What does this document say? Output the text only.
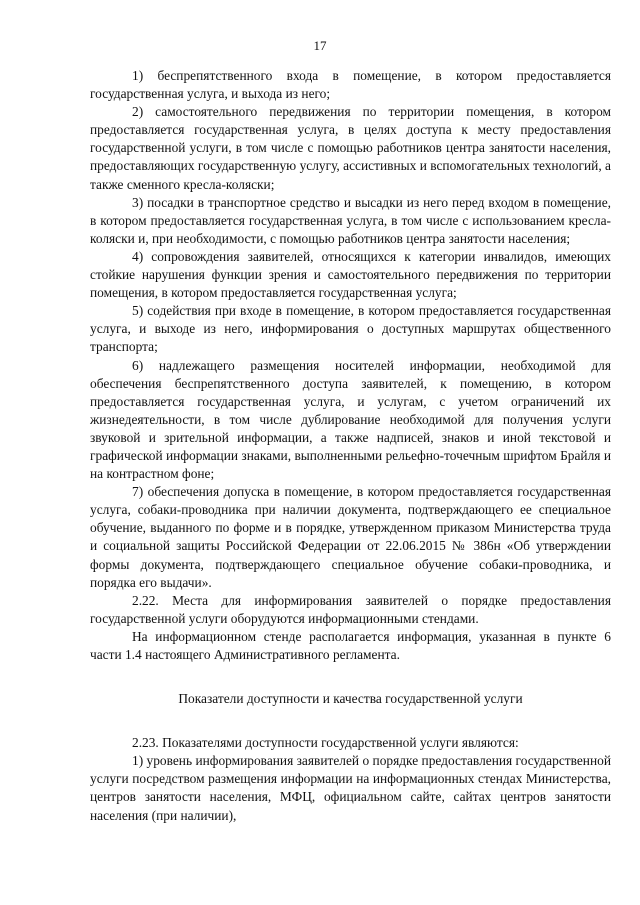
17

1) беспрепятственного входа в помещение, в котором предоставляется государственная услуга, и выхода из него;

2) самостоятельного передвижения по территории помещения, в котором предоставляется государственная услуга, в целях доступа к месту предоставления государственной услуги, в том числе с помощью работников центра занятости населения, предоставляющих государственную услугу, ассистивных и вспомогательных технологий, а также сменного кресла-коляски;

3) посадки в транспортное средство и высадки из него перед входом в помещение, в котором предоставляется государственная услуга, в том числе с использованием кресла-коляски и, при необходимости, с помощью работников центра занятости населения;

4) сопровождения заявителей, относящихся к категории инвалидов, имеющих стойкие нарушения функции зрения и самостоятельного передвижения по территории помещения, в котором предоставляется государственная услуга;

5) содействия при входе в помещение, в котором предоставляется государственная услуга, и выходе из него, информирования о доступных маршрутах общественного транспорта;

6) надлежащего размещения носителей информации, необходимой для обеспечения беспрепятственного доступа заявителей, к помещению, в котором предоставляется государственная услуга, и услугам, с учетом ограничений их жизнедеятельности, в том числе дублирование необходимой для получения услуги звуковой и зрительной информации, а также надписей, знаков и иной текстовой и графической информации знаками, выполненными рельефно-точечным шрифтом Брайля и на контрастном фоне;

7) обеспечения допуска в помещение, в котором предоставляется государственная услуга, собаки-проводника при наличии документа, подтверждающего ее специальное обучение, выданного по форме и в порядке, утвержденном приказом Министерства труда и социальной защиты Российской Федерации от 22.06.2015 № 386н «Об утверждении формы документа, подтверждающего специальное обучение собаки-проводника, и порядка его выдачи».

2.22. Места для информирования заявителей о порядке предоставления государственной услуги оборудуются информационными стендами.

На информационном стенде располагается информация, указанная в пункте 6 части 1.4 настоящего Административного регламента.

Показатели доступности и качества государственной услуги

2.23. Показателями доступности государственной услуги являются:

1) уровень информирования заявителей о порядке предоставления государственной услуги посредством размещения информации на информационных стендах Министерства, центров занятости населения, МФЦ, официальном сайте, сайтах центров занятости населения (при наличии),
